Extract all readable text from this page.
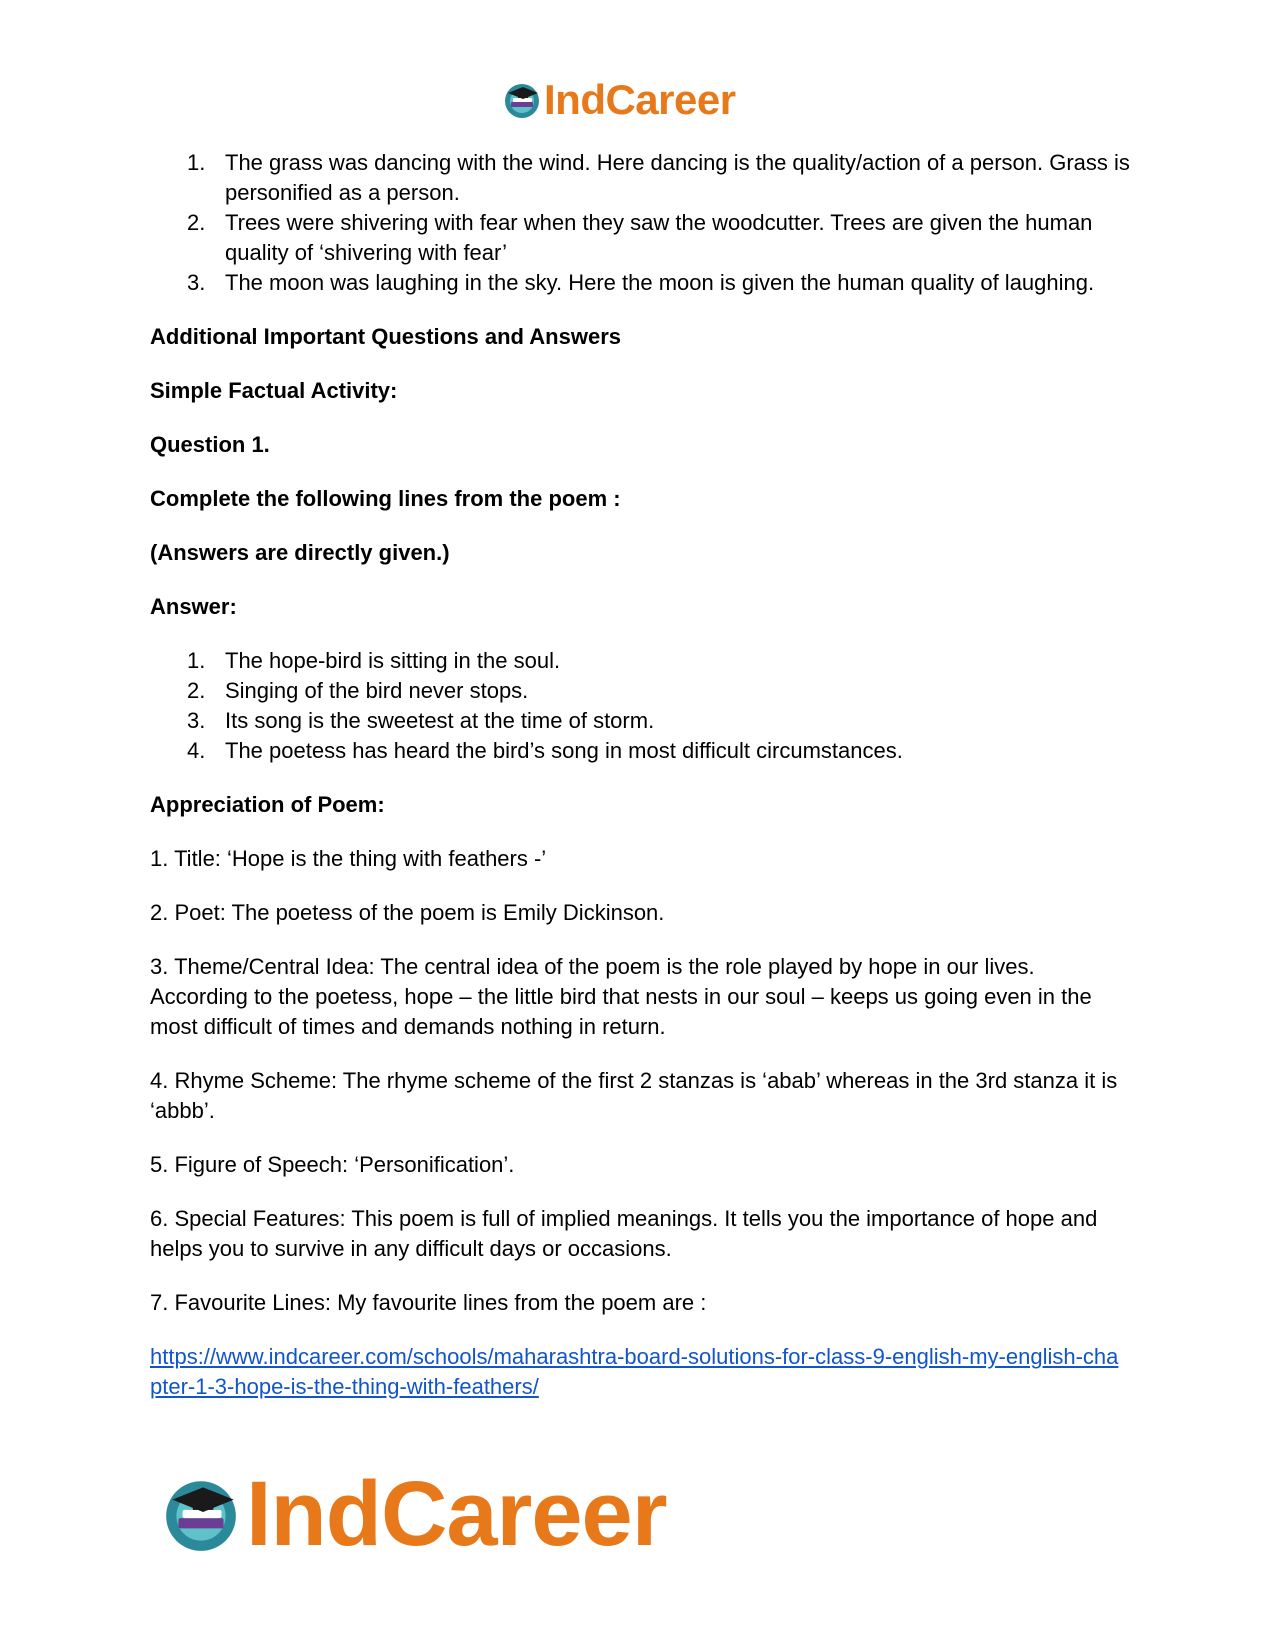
IndCareer
1. The grass was dancing with the wind. Here dancing is the quality/action of a person. Grass is personified as a person.
2. Trees were shivering with fear when they saw the woodcutter. Trees are given the human quality of ‘shivering with fear’
3. The moon was laughing in the sky. Here the moon is given the human quality of laughing.

Additional Important Questions and Answers

Simple Factual Activity:

Question 1.

Complete the following lines from the poem :

(Answers are directly given.)

Answer:

1. The hope-bird is sitting in the soul.
2. Singing of the bird never stops.
3. Its song is the sweetest at the time of storm.
4. The poetess has heard the bird’s song in most difficult circumstances.

Appreciation of Poem:

1. Title: ‘Hope is the thing with feathers -’

2. Poet: The poetess of the poem is Emily Dickinson.

3. Theme/Central Idea: The central idea of the poem is the role played by hope in our lives. According to the poetess, hope – the little bird that nests in our soul – keeps us going even in the most difficult of times and demands nothing in return.

4. Rhyme Scheme: The rhyme scheme of the first 2 stanzas is ‘abab’ whereas in the 3rd stanza it is ‘abbb’.

5. Figure of Speech: ‘Personification’.

6. Special Features: This poem is full of implied meanings. It tells you the importance of hope and helps you to survive in any difficult days or occasions.

7. Favourite Lines: My favourite lines from the poem are :

https://www.indcareer.com/schools/maharashtra-board-solutions-for-class-9-english-my-english-chapter-1-3-hope-is-the-thing-with-feathers/

IndCareer
